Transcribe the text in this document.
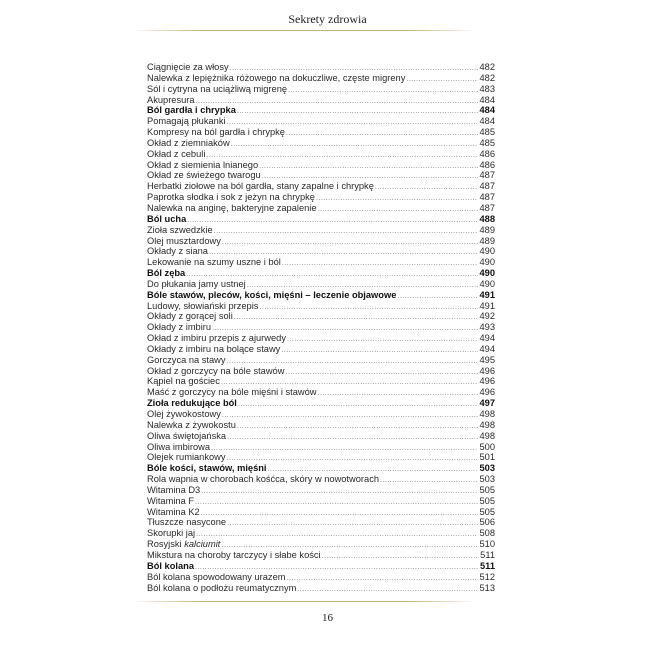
Sekrety zdrowia
Ciągnięcie za włosy .....	482
Nalewka z lepiężnika różowego na dokuczliwe, częste migreny .....	482
Sól i cytryna na uciążliwą migrenę .....	483
Akupresura .....	484
Ból gardła i chrypka .....	484
Pomagają płukanki .....	484
Kompresy na ból gardła i chrypkę .....	485
Okład z ziemniaków .....	485
Okład z cebuli .....	486
Okład z siemienia lnianego .....	486
Okład ze świeżego twarogu .....	487
Herbatki ziołowe na ból gardła, stany zapalne i chrypkę .....	487
Paprotka słodka i sok z jeżyn na chrypkę .....	487
Nalewka na anginę, bakteryjne zapalenie .....	487
Ból ucha .....	488
Zioła szwedzkie .....	489
Olej musztardowy .....	489
Okłady z siana .....	490
Lekowanie na szumy uszne i ból .....	490
Ból zęba .....	490
Do płukania jamy ustnej .....	490
Bóle stawów, pleców, kości, mięśni – leczenie objawowe .....	491
Ludowy, słowiański przepis .....	491
Okłady z gorącej soli .....	492
Okłady z imbiru .....	493
Okład z imbiru przepis z ajurwedy .....	494
Okłady z imbiru na bolące stawy .....	494
Gorczyca na stawy .....	495
Okład z gorczycy na bóle stawów .....	496
Kąpiel na gościec .....	496
Maść z gorczycy na bóle mięśni i stawów .....	496
Zioła redukujące ból .....	497
Olej żywokostowy .....	498
Nalewka z żywokostu .....	498
Oliwa świętojańska .....	498
Oliwa imbirowa .....	500
Olejek rumiankowy .....	501
Bóle kości, stawów, mięśni .....	503
Rola wapnia w chorobach kośćca, skóry w nowotworach .....	503
Witamina D3 .....	505
Witamina F .....	505
Witamina K2 .....	505
Tłuszcze nasycone .....	506
Skorupki jaj .....	508
Rosyjski kalciumit .....	510
Mikstura na choroby tarczycy i słabe kości .....	511
Ból kolana .....	511
Ból kolana spowodowany urazem .....	512
Ból kolana o podłożu reumatycznym .....	513
16
